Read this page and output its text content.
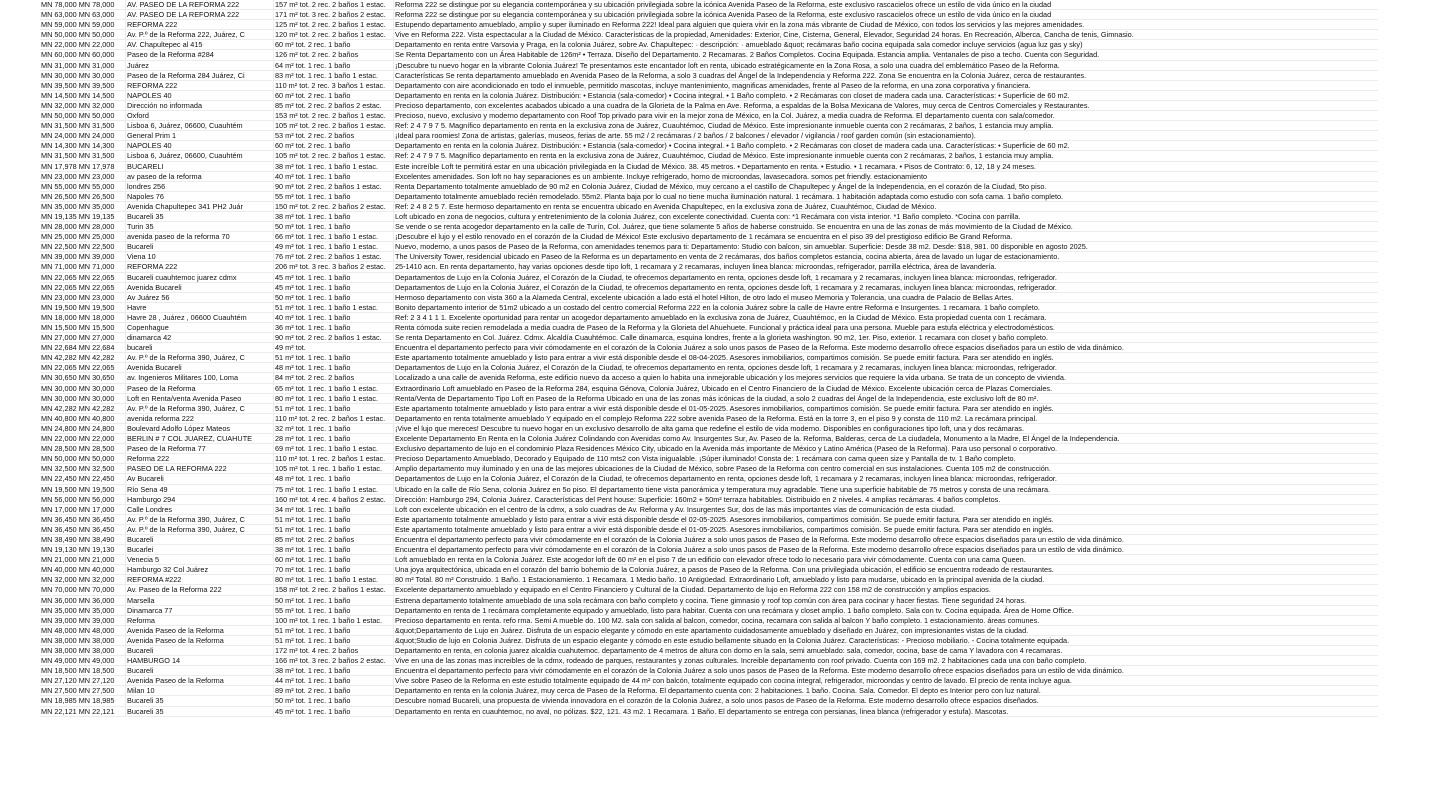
MN 78,000 MN 78,000	AV. PASEO DE LA REFORMA 222	157 m² tot. 2 rec. 2 baños 1 estac.	Reforma 222 se distingue por su elegancia contemporánea y su ubicación privilegiada sobre la icónica Avenida Paseo de la Reforma, este exclusivo rascacielos ofrece un estilo de vida único en la ciudad
MN 63,000 MN 63,000	AV. PASEO DE LA REFORMA 222	171 m² tot. 3 rec. 2 baños 2 estac.	Reforma 222 se distingue por su elegancia contemporánea y su ubicación privilegiada sobre la icónica Avenida Paseo de la Reforma, este exclusivo rascacielos ofrece un estilo de vida único en la ciudad
MN 59,000 MN 59,000	REFORMA 222	125 m² tot. 2 rec. 2 baños 1 estac.	Estupendo departamento amueblado, amplio y super iluminado en Reforma 222! Ideal para alguien que quiera vivir en la zona más vibrante de Ciudad de México, con todos los servicios y las mejores amenidades.
MN 50,000 MN 50,000	Av. P.º de la Reforma 222, Juárez, C	120 m² tot. 2 rec. 2 baños 1 estac.	Vive en Reforma 222. Vista espectacular a la Ciudad de México. Características de la propiedad, Amenidades: Exterior, Cine, Cisterna, General, Elevador, Seguridad 24 horas. En Recreación, Alberca, Cancha de tenis, Gimnasio.
MN 22,000 MN 22,000	AV. Chapultepec al 415	60 m² tot. 2 rec. 1 baño	Departamento en renta entre Varsovia y Praga, en la colonia Juárez, sobre Av. Chapultepec: · descripción: · amueblado &quot; recámaras baño cocina equipada sala comedor incluye servicios (agua luz gas y sky)
MN 60,000 MN 60,000	Paseo de la Reforma #284	126 m² tot. 2 rec. 2 baños	Se Renta Departamento con un Área Habitable de 126m² • Terraza. Diseño del Departamento. 2 Recamaras. 2 Baños Completos. Cocina Equipada. Estancia amplia. Ventanales de piso a techo. Cuenta con Seguridad.
MN 31,000 MN 31,000	Juárez	64 m² tot. 1 rec. 1 baño	¡Descubre tu nuevo hogar en la vibrante Colonia Juárez! Te presentamos este encantador loft en renta, ubicado estratégicamente en la Zona Rosa, a solo una cuadra del emblemático Paseo de la Reforma.
MN 30,000 MN 30,000	Paseo de la Reforma 284 Juárez, Ci	83 m² tot. 1 rec. 1 baño 1 estac.	Características Se renta departamento amueblado en Avenida Paseo de la Reforma, a solo 3 cuadras del Ángel de la Independencia y Reforma 222. Zona Se encuentra en la Colonia Juárez, cerca de restaurantes.
MN 39,500 MN 39,500	REFORMA 222	110 m² tot. 2 rec. 3 baños 1 estac.	Departamento con aire acondicionado en todo el inmueble, permitido mascotas, incluye mantenimiento, magnificas amenidades, frente al Paseo de la reforma, en una zona corporativa y financiera.
MN 14,500 MN 14,500	NAPOLES 40	60 m² tot. 2 rec. 1 baño	Departamento en renta en la colonia Juárez. Distribución: • Estancia (sala-comedor) • Cocina integral. • 1 Baño completo. • 2 Recámaras con closet de madera cada una. Características: • Superficie de 60 m2.
MN 32,000 MN 32,000	Dirección no informada	85 m² tot. 2 rec. 2 baños 2 estac.	Precioso departamento, con excelentes acabados ubicado a una cuadra de la Glorieta de la Palma en Ave. Reforma, a espaldas de la Bolsa Mexicana de Valores, muy cerca de Centros Comerciales y Restaurantes.
MN 50,000 MN 50,000	Oxford	153 m² tot. 2 rec. 2 baños 1 estac.	Precioso, nuevo, exclusivo y moderno departamento con Roof Top privado para vivir en la mejor zona de México, en la Col. Juárez, a media cuadra de Reforma. El departamento cuenta con sala/comedor.
MN 31,500 MN 31,500	Lisboa 6, Juárez, 06600, Cuauhtém	105 m² tot. 2 rec. 2 baños 1 estac.	Ref: 2 4 7 9 7 5. Magnífico departamento en renta en la exclusiva zona de Juárez, Cuauhtémoc, Ciudad de México. Este impresionante inmueble cuenta con 2 recámaras, 2 baños, 1 estancia muy amplia.
MN 24,000 MN 24,000	General Prim 1	53 m² tot. 2 rec. 2 baños	¡Ideal para roomies! Zona de artistas, galerías, museos, ferias de arte. 55 m2 / 2 recámaras / 2 baños / 2 balcones / elevador / vigilancia / roof garden común (sin estacionamiento).
MN 14,300 MN 14,300	NAPOLES 40	60 m² tot. 2 rec. 1 baño	Departamento en renta en la colonia Juárez. Distribución: • Estancia (sala-comedor) • Cocina integral. • 1 Baño completo. • 2 Recámaras con closet de madera cada una. Características: • Superficie de 60 m2.
MN 31,500 MN 31,500	Lisboa 6, Juárez, 06600, Cuauhtém	105 m² tot. 2 rec. 2 baños 1 estac.	Ref: 2 4 7 9 7 5. Magnífico departamento en renta en la exclusiva zona de Juárez, Cuauhtémoc, Ciudad de México. Este impresionante inmueble cuenta con 2 recámaras, 2 baños, 1 estancia muy amplia.
MN 17,978 MN 17,978	BUCARELI	38 m² tot. 1 rec. 1 baño 1 estac.	Este increíble Loft te permitirá estar en una ubicación privilegiada en la Ciudad de México. 38. 45 metros. • Departamento en renta. • Estudio. • 1 recamara. • Pisos de Contrato: 6, 12, 18 y 24 meses.
MN 23,000 MN 23,000	av paseo de la reforma	40 m² tot. 1 rec. 1 baño	Excelentes amenidades. Son loft no hay separaciones es un ambiente. Incluye refrigerado, horno de microondas, lavasecadora. somos pet friendly. estacionamiento
MN 55,000 MN 55,000	londres 256	90 m² tot. 2 rec. 2 baños 1 estac.	Renta Departamento totalmente amueblado de 90 m2 en Colonia Juárez, Ciudad de México, muy cercano a el castillo de Chapultepec y Ángel de la Independencia, en el corazón de la Ciudad, 5to piso.
MN 26,500 MN 26,500	Napoles 76	55 m² tot. 1 rec. 1 baño	Departamento totalmente amueblado recién remodelado. 55m2. Planta baja por lo cual no tiene mucha iluminación natural. 1 recámara. 1 habitación adaptada como estudio con sofa cama. 1 baño completo.
MN 35,000 MN 35,000	Avenida Chapultepec 341 PH2 Juár	150 m² tot. 2 rec. 2 baños 2 estac.	Ref: 2 4 8 2 5 7. Este hermoso departamento en renta se encuentra ubicado en Avenida Chapultepec, en la exclusiva zona de Juárez, Cuauhtémoc, Ciudad de México.
MN 19,135 MN 19,135	Bucareli 35	38 m² tot. 1 rec. 1 baño	Loft ubicado en zona de negocios, cultura y entretenimiento de la colonia Juárez, con excelente conectividad. Cuenta con: *1 Recámara con vista interior. *1 Baño completo. *Cocina con parrilla.
MN 28,000 MN 28,000	Turin 35	50 m² tot. 1 rec. 1 baño	Se vende o se renta acogedor departamento en la calle de Turín, Col. Juárez, que tiene solamente 5 años de haberse construido. Se encuentra en una de las zonas de más movimiento de la Ciudad de México.
MN 25,000 MN 25,000	avenida paseo de la reforma 70	66 m² tot. 1 rec. 1 baño 1 estac.	¡Descubre el lujo y el estilo renovado en el corazón de la Ciudad de México! Este exclusivo departamento de 1 recámara se encuentra en el piso 39 del prestigioso edificio Be Grand Reforma.
MN 22,500 MN 22,500	Bucareli	49 m² tot. 1 rec. 1 baño 1 estac.	Nuevo, moderno, a unos pasos de Paseo de la Reforma, con amenidades tenemos para ti: Departamento: Studio con balcon, sin amueblar. Superficie: Desde 38 m2. Desde: $18, 981. 00 disponible en agosto 2025.
MN 39,000 MN 39,000	Viena 10	76 m² tot. 2 rec. 2 baños 1 estac.	The University Tower, residencial ubicado en Paseo de la Reforma es un departamento en venta de 2 recámaras, dos baños completos estancia, cocina abierta, área de lavado un lugar de estacionamiento.
MN 71,000 MN 71,000	REFORMA 222	206 m² tot. 3 rec. 3 baños 2 estac.	25-1410 acn. En renta departamento, hay varias opciones desde tipo loft, 1 recamara y 2 recamaras, incluyen linea blanca: microondas, refrigerador, parrilla eléctrica, área de lavandería.
MN 22,065 MN 22,065	Bucareli cuauhtemoc juarez cdmx	45 m² tot. 1 rec. 1 baño	Departamentos de Lujo en la Colonia Juárez, el Corazón de la Ciudad, te ofrecemos departamento en renta, opciones desde loft, 1 recamara y 2 recamaras, incluyen linea blanca: microondas, refrigerador.
MN 22,065 MN 22,065	Avenida Bucareli	45 m² tot. 1 rec. 1 baño	Departamentos de Lujo en la Colonia Juárez, el Corazón de la Ciudad, te ofrecemos departamento en renta, opciones desde loft, 1 recamara y 2 recamaras, incluyen linea blanca: microondas, refrigerador.
MN 23,000 MN 23,000	Av Juárez 56	50 m² tot. 1 rec. 1 baño	Hermoso departamento con vista 360 a la Alameda Central, excelente ubicación a lado está el hotel Hilton, de otro lado el museo Memoria y Tolerancia, una cuadra de Palacio de Bellas Artes.
MN 19,500 MN 19,500	Havre	51 m² tot. 1 rec. 1 baño 1 estac.	Bonito departamento interior de 51m2 ubicado a un costado del centro comercial Reforma 222 en la colonia Juárez sobre la calle de Havre entre Reforma e Insurgentes. 1 recamara. 1 baño completo.
MN 18,000 MN 18,000	Havre 28 , Juárez , 06600 Cuauhtém	40 m² tot. 1 rec. 1 baño	Ref: 2 3 4 1 1 1. Excelente oportunidad para rentar un acogedor departamento amueblado en la exclusiva zona de Juárez, Cuauhtémoc, en la Ciudad de México. Esta propiedad cuenta con 1 recámara.
MN 15,500 MN 15,500	Copenhague	36 m² tot. 1 rec. 1 baño	Renta cómoda suite recien remodelada a media cuadra de Paseo de la Reforma y la Glorieta del Ahuehuete. Funcional y práctica ideal para una persona. Mueble para estufa eléctrica y electrodomésticos.
MN 27,000 MN 27,000	dinamarca 42	90 m² tot. 2 rec. 2 baños 1 estac.	Se renta Departamento en Col. Juárez. Cdmx. Alcaldía Cuauhtémoc. Calle dinamarca, esquina londres, frente a la glorieta washington. 90 m2, 1er. Piso, exterior. 1 recamara con closet y baño completo.
MN 22,684 MN 22,684	bucareli	49 m² tot.	Encuentra el departamento perfecto para vivir cómodamente en el corazón de la Colonia Juárez a solo unos pasos de Paseo de la Reforma. Este moderno desarrollo ofrece espacios diseñados para un estilo de vida dinámico.
MN 42,282 MN 42,282	Av. P.º de la Reforma 390, Juárez, C	51 m² tot. 1 rec. 1 baño	Este apartamento totalmente amueblado y listo para entrar a vivir está disponible desde el 08-04-2025. Asesores inmobiliarios, compartimos comisión. Se puede emitir factura. Para ser atendido en inglés.
MN 22,065 MN 22,065	Avenida Bucareli	48 m² tot. 1 rec. 1 baño	Departamentos de Lujo en la Colonia Juárez, el Corazón de la Ciudad, te ofrecemos departamento en renta, opciones desde loft, 1 recamara y 2 recamaras, incluyen linea blanca: microondas, refrigerador.
MN 30,650 MN 30,650	av. Ingenieros Militares 100, Loma	84 m² tot. 2 rec. 2 baños	Localizado a una calle de avenida Reforma, este edificio nuevo da acceso a quien lo habita una inmejorable ubicación y los mejores servicios que requiere la vida urbana. Se trata de un concepto de vivienda.
MN 30,000 MN 30,000	Paseo de la Reforma	65 m² tot. 1 rec. 1 baño 1 estac.	Extraordinario Loft amueblado en Paseo de la Reforma 284, esquina Génova, Colonia Juárez, Ubicado en el Centro Financiero de la Ciudad de México. Excelente ubicación cerca de Plazas Comerciales.
MN 30,000 MN 30,000	Loft en Renta/venta Avenida Paseo	80 m² tot. 1 rec. 1 baño 1 estac.	Renta/Venta de Departamento Tipo Loft en Paseo de la Reforma Ubicado en una de las zonas más icónicas de la ciudad, a solo 2 cuadras del Ángel de la Independencia, este exclusivo loft de 80 m².
MN 42,282 MN 42,282	Av. P.º de la Reforma 390, Juárez, C	51 m² tot. 1 rec. 1 baño	Este apartamento totalmente amueblado y listo para entrar a vivir está disponible desde el 01-05-2025. Asesores inmobiliarios, compartimos comisión. Se puede emitir factura. Para ser atendido en inglés.
MN 40,800 MN 40,800	avenida reforma 222	110 m² tot. 2 rec. 2 baños 1 estac.	Departamento en renta totalmente amueblado Y equipado en el complejo Reforma 222 sobre avenida Paseo de la Reforma. Está en la torre 3, en el piso 9 y consta de 110 m2. La recámara principal.
MN 24,800 MN 24,800	Boulevard Adolfo López Mateos	32 m² tot. 1 rec. 1 baño	¡Vive el lujo que mereces! Descubre tu nuevo hogar en un exclusivo desarrollo de alta gama que redefine el estilo de vida moderno. Disponibles en configuraciones tipo loft, una y dos recámaras.
MN 22,000 MN 22,000	BERLIN # 7 COL JUAREZ, CUAHUTE	28 m² tot. 1 rec. 1 baño	Excelente Departamento En Renta en la Colonia Juárez Colindando con Avenidas como Av. Insurgentes Sur, Av. Paseo de la. Reforma, Balderas, cerca de La ciudadela, Monumento a la Madre, El Ángel de la Independencia.
MN 28,500 MN 28,500	Paseo de la Reforma 77	69 m² tot. 1 rec. 1 baño 1 estac.	Exclusivo departamento de lujo en el condominio Plaza Residences México City, ubicado en la Avenida más importante de México y Latino América (Paseo de la Reforma). Para uso personal o corporativo.
MN 50,000 MN 50,000	Reforma 222	110 m² tot. 1 rec. 2 baños 1 estac.	Precioso Departamento Amueblado, Decorado y Equipado de 110 mts2 con Vista inigualable. ¡Súper iluminado! Consta de: 1 recámara con cama queen size y Pantalla de tv. 1 Baño completo.
MN 32,500 MN 32,500	PASEO DE LA REFORMA 222	105 m² tot. 1 rec. 1 baño 1 estac.	Amplio departamento muy iluminado y en una de las mejores ubicaciones de la Ciudad de México, sobre Paseo de la Reforma con centro comercial en sus instalaciones. Cuenta 105 m2 de construcción.
MN 22,450 MN 22,450	Av Bucareli	48 m² tot. 1 rec. 1 baño	Departamentos de Lujo en la Colonia Juárez, el Corazón de la Ciudad, te ofrecemos departamento en renta, opciones desde loft, 1 recamara y 2 recamaras, incluyen linea blanca: microondas, refrigerador.
MN 19,500 MN 19,500	Río Sena 49	75 m² tot. 1 rec. 1 baño 1 estac.	Ubicado en la calle de Río Sena, colonia Juárez en 5o piso. El departamento tiene vista panorámica y temperatura muy agradable. Tiene una superficie habitable de 75 metros y consta de una recámara.
MN 56,000 MN 56,000	Hamburgo 294	160 m² tot. 4 rec. 4 baños 2 estac.	Dirección: Hamburgo 294, Colonia Juárez. Características del Pent house: Superficie: 160m2 + 50m² terraza habitables. Distribuido en 2 niveles. 4 amplias recámaras. 4 baños completos.
MN 17,000 MN 17,000	Calle Londres	34 m² tot. 1 rec. 1 baño	Loft con excelente ubicación en el centro de la cdmx, a solo cuadras de Av. Reforma y Av. Insurgentes Sur, dos de las más importantes vías de comunicación de esta ciudad.
MN 36,450 MN 36,450	Av. P.º de la Reforma 390, Juárez, C	51 m² tot. 1 rec. 1 baño	Este apartamento totalmente amueblado y listo para entrar a vivir está disponible desde el 02-05-2025. Asesores inmobiliarios, compartimos comisión. Se puede emitir factura. Para ser atendido en inglés.
MN 36,450 MN 36,450	Av. P.º de la Reforma 390, Juárez, C	51 m² tot. 1 rec. 1 baño	Este apartamento totalmente amueblado y listo para entrar a vivir está disponible desde el 01-05-2025. Asesores inmobiliarios, compartimos comisión. Se puede emitir factura. Para ser atendido en inglés.
MN 38,490 MN 38,490	Bucareli	85 m² tot. 2 rec. 2 baños	Encuentra el departamento perfecto para vivir cómodamente en el corazón de la Colonia Juárez a solo unos pasos de Paseo de la Reforma. Este moderno desarrollo ofrece espacios diseñados para un estilo de vida dinámico.
MN 19,130 MN 19,130	Bucarlei	38 m² tot. 1 rec. 1 baño	Encuentra el departamento perfecto para vivir cómodamente en el corazón de la Colonia Juárez a solo unos pasos de Paseo de la Reforma. Este moderno desarrollo ofrece espacios diseñados para un estilo de vida dinámico.
MN 21,000 MN 21,000	Venecia 5	60 m² tot. 1 rec. 1 baño	Loft amueblado en renta en la Colonia Juárez. Este acogedor loft de 60 m² en el piso 7 de un edificio con elevador ofrece todo lo necesario para vivir cómodamente. Cuenta con una cama Queen.
MN 40,000 MN 40,000	Hamburgo 32 Col Juárez	70 m² tot. 1 rec. 1 baño	Una joya arquitectónica, ubicada en el corazón del barrio bohemio de la Colonia Juárez, a pasos de Paseo de la Reforma. Con una privilegiada ubicación, el edificio se encuentra rodeado de restaurantes.
MN 32,000 MN 32,000	REFORMA #222	80 m² tot. 1 rec. 1 baño 1 estac.	80 m² Total. 80 m² Construido. 1 Baño. 1 Estacionamiento. 1 Recamara. 1 Medio baño. 10 Antigüedad. Extraordinario Loft, amueblado y listo para mudarse, ubicado en la principal avenida de la ciudad.
MN 70,000 MN 70,000	Av. Paseo de la Reforma 222	158 m² tot. 2 rec. 2 baños 1 estac.	Excelente departamento amueblado y equipado en el Centro Financiero y Cultural de la Ciudad. Departamento de lujo en Reforma 222 con 158 m2 de construcción y amplios espacios.
MN 36,000 MN 36,000	Marsella	50 m² tot. 1 rec. 1 baño	Estrena departamento totalmente amueblado de una sola recámara con baño completo y cocina. Tiene gimnasio y roof top común con área para cocinar y hacer fiestas. Tiene seguridad 24 horas.
MN 35,000 MN 35,000	Dinamarca 77	55 m² tot. 1 rec. 1 baño	Departamento en renta de 1 recámara completamente equipado y amueblado, listo para habitar. Cuenta con una recámara y closet amplio. 1 baño completo. Sala con tv. Cocina equipada. Área de Home Office.
MN 39,000 MN 39,000	Reforma	100 m² tot. 1 rec. 1 baño 1 estac.	Precioso departamento en renta. refo rma. Semi A mueble do. 100 M2. sala con salida al balcon, comedor, cocina, recamara con salida al balcon Y baño completo. 1 estacionamiento. áreas comunes.
MN 48,000 MN 48,000	Avenida Paseo de la Reforma	51 m² tot. 1 rec. 1 baño	&quot;Departamento de Lujo en Juárez. Disfruta de un espacio elegante y cómodo en este apartamento cuidadosamente amueblado y diseñado en Juárez, con impresionantes vistas de la ciudad.
MN 38,000 MN 38,000	Avenida Paseo de la Reforma	51 m² tot. 1 rec. 1 baño	&quot;Studio de lujo en Colonia Juárez. Disfruta de un espacio elegante y cómodo en este estudio bellamente situado en la Colonia Juárez. Características: - Precioso mobiliario. - Cocina totalmente equipada.
MN 38,000 MN 38,000	Bucareli	172 m² tot. 4 rec. 2 baños	Departamento en renta, en colonia juarez alcaldia cuahutemoc. departamento de 4 metros de altura con domo en la sala, semi amueblado: sala, comedor, cocina, base de cama Y lavadora con 4 recamaras.
MN 49,000 MN 49,000	HAMBURGO 14	166 m² tot. 3 rec. 2 baños 2 estac.	Vive en una de las zonas mas increibles de la cdmx, rodeado de parques, restaurantes y zonas culturales. Increible departamento con roof privado. Cuenta con 169 m2. 2 habitaciones cada una con baño completo.
MN 18,500 MN 18,500	Bucareli	38 m² tot. 1 rec. 1 baño	Encuentra el departamento perfecto para vivir cómodamente en el corazón de la Colonia Juárez a solo unos pasos de Paseo de la Reforma. Este moderno desarrollo ofrece espacios diseñados para un estilo de vida dinámico.
MN 27,120 MN 27,120	Avenida Paseo de la Reforma	44 m² tot. 1 rec. 1 baño	Vive sobre Paseo de la Reforma en este estudio totalmente equipado de 44 m² con balcón, totalmente equipado con cocina integral, refrigerador, microondas y centro de lavado. El precio de renta incluye agua.
MN 27,500 MN 27,500	Milan 10	89 m² tot. 2 rec. 1 baño	Departamento en renta en la colonia Juárez, muy cerca de Paseo de la Reforma. El departamento cuenta con: 2 habitaciones. 1 baño. Cocina. Sala. Comedor. El depto es Interior pero con luz natural.
MN 18,985 MN 18,985	Bucareli 35	50 m² tot. 1 rec. 1 baño	Descubre nomad Bucareli, una propuesta de vivienda innovadora en el corazón de la Colonia Juárez, a solo unos pasos de Paseo de la Reforma. Este moderno desarrollo ofrece espacios diseñados.
MN 22,121 MN 22,121	Bucareli 35	45 m² tot. 1 rec. 1 baño	Departamento en renta en cuauhtemoc, no aval, no pólizas. $22, 121. 43 m2. 1 Recamara. 1 Baño. El departamento se entrega con persianas, linea blanca (refrigerador y estufa). Mascotas.
